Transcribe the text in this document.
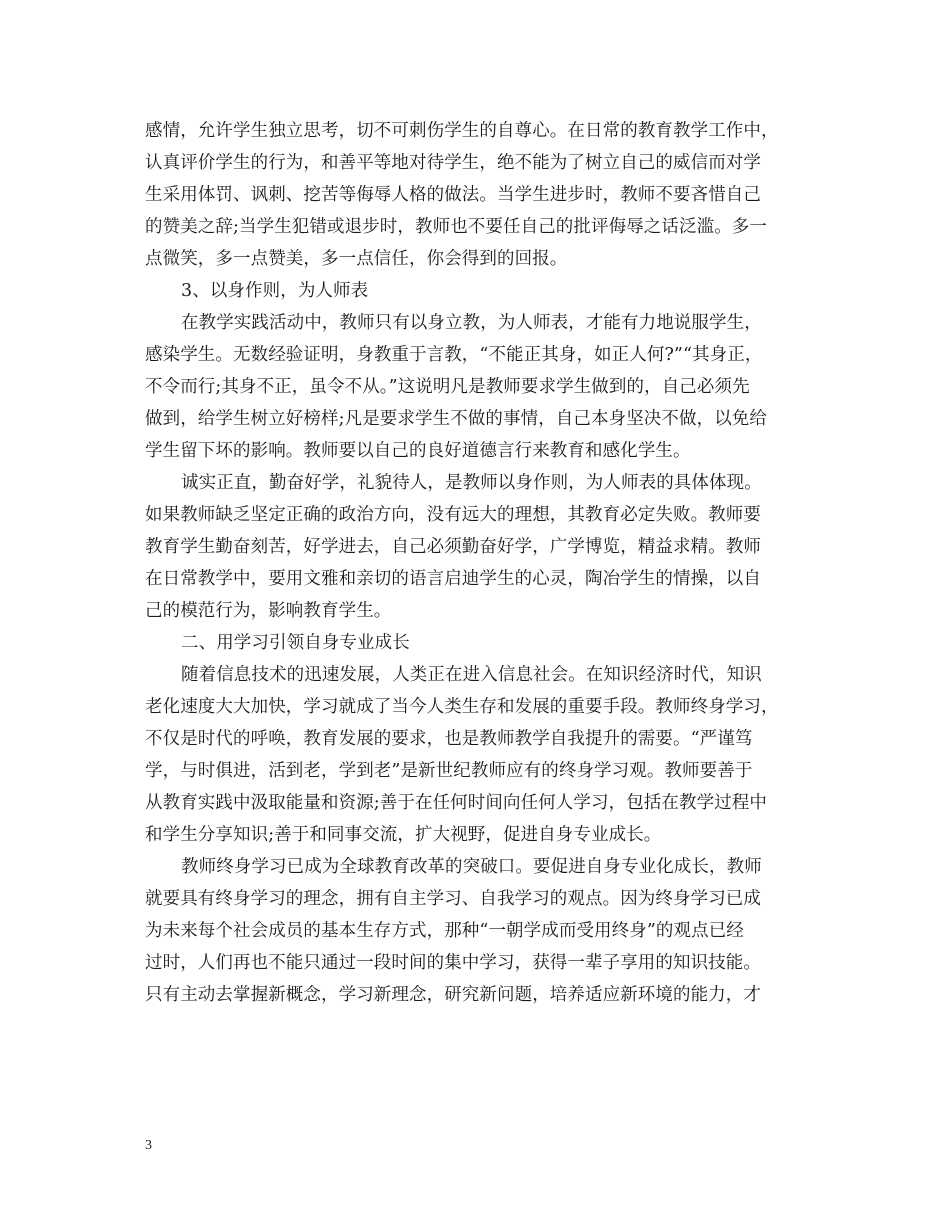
感情，允许学生独立思考，切不可刺伤学生的自尊心。在日常的教育教学工作中，
认真评价学生的行为，和善平等地对待学生，绝不能为了树立自己的威信而对学
生采用体罚、讽刺、挖苦等侮辱人格的做法。当学生进步时，教师不要吝惜自己
的赞美之辞;当学生犯错或退步时，教师也不要任自己的批评侮辱之话泛滥。多一
点微笑，多一点赞美，多一点信任，你会得到的回报。
3、以身作则，为人师表
在教学实践活动中，教师只有以身立教，为人师表，才能有力地说服学生，
感染学生。无数经验证明，身教重于言教，“不能正其身，如正人何?”“其身正，
不令而行;其身不正，虽令不从。”这说明凡是教师要求学生做到的，自己必须先
做到，给学生树立好榜样;凡是要求学生不做的事情，自己本身坚决不做，以免给
学生留下坏的影响。教师要以自己的良好道德言行来教育和感化学生。
诚实正直，勤奋好学，礼貌待人，是教师以身作则，为人师表的具体体现。
如果教师缺乏坚定正确的政治方向，没有远大的理想，其教育必定失败。教师要
教育学生勤奋刻苦，好学进去，自己必须勤奋好学，广学博览，精益求精。教师
在日常教学中，要用文雅和亲切的语言启迪学生的心灵，陶冶学生的情操，以自
己的模范行为，影响教育学生。
二、用学习引领自身专业成长
随着信息技术的迅速发展，人类正在进入信息社会。在知识经济时代，知识
老化速度大大加快，学习就成了当今人类生存和发展的重要手段。教师终身学习，
不仅是时代的呼唤，教育发展的要求，也是教师教学自我提升的需要。“严谨笃
学，与时俱进，活到老，学到老”是新世纪教师应有的终身学习观。教师要善于
从教育实践中汲取能量和资源;善于在任何时间向任何人学习，包括在教学过程中
和学生分享知识;善于和同事交流，扩大视野，促进自身专业成长。
教师终身学习已成为全球教育改革的突破口。要促进自身专业化成长，教师
就要具有终身学习的理念，拥有自主学习、自我学习的观点。因为终身学习已成
为未来每个社会成员的基本生存方式，那种“一朝学成而受用终身”的观点已经
过时，人们再也不能只通过一段时间的集中学习，获得一辈子享用的知识技能。
只有主动去掌握新概念，学习新理念，研究新问题，培养适应新环境的能力，才
3
